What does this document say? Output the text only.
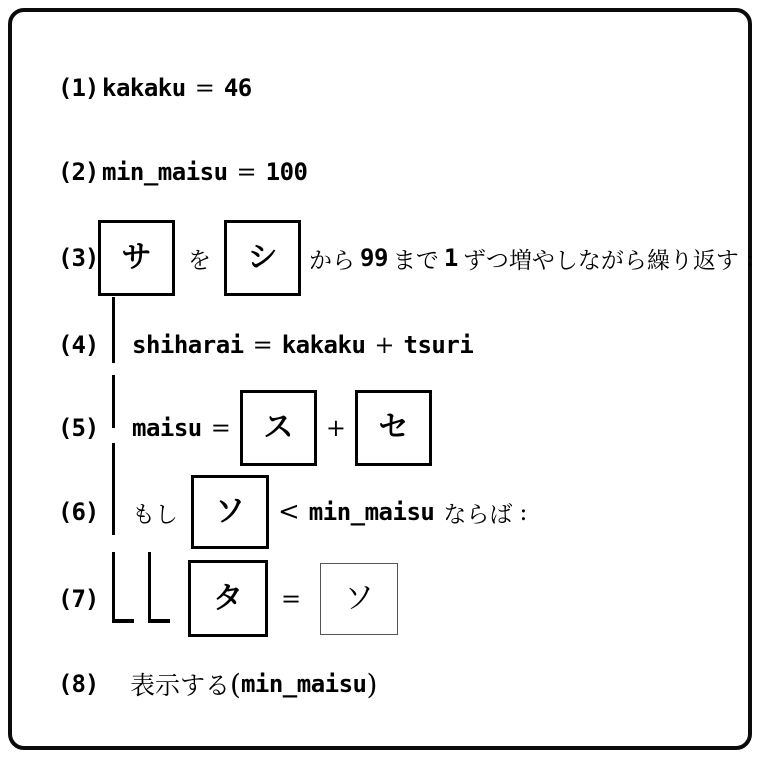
(1) kakaku = 46
(2) min_maisu = 100
(3) サ を シ から 99 まで 1 ずつ増やしながら繰り返す :
(4) shiharai = kakaku + tsuri
(5) maisu = ス + セ
(6) もし ソ < min_maisu ならば :
(7)	タ = ソ
(8) 表示する ( min_maisu )
